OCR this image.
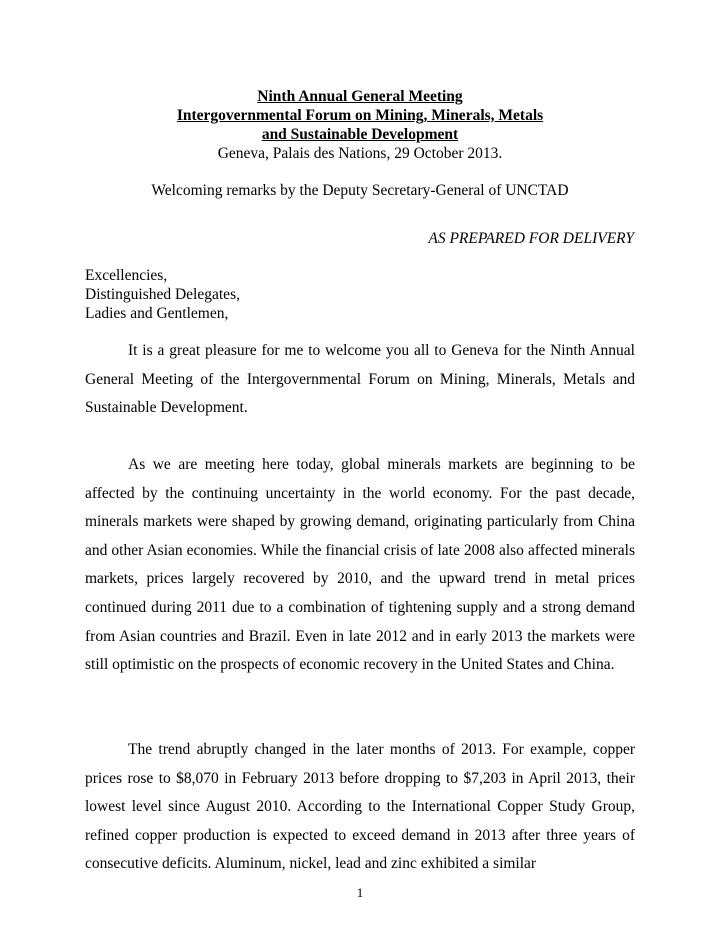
Ninth Annual General Meeting
Intergovernmental Forum on Mining, Minerals, Metals
and Sustainable Development
Geneva, Palais des Nations, 29 October 2013.
Welcoming remarks by the Deputy Secretary-General of UNCTAD
AS PREPARED FOR DELIVERY
Excellencies,
Distinguished Delegates,
Ladies and Gentlemen,

It is a great pleasure for me to welcome you all to Geneva for the Ninth Annual General Meeting of the Intergovernmental Forum on Mining, Minerals, Metals and Sustainable Development.

As we are meeting here today, global minerals markets are beginning to be affected by the continuing uncertainty in the world economy. For the past decade, minerals markets were shaped by growing demand, originating particularly from China and other Asian economies. While the financial crisis of late 2008 also affected minerals markets, prices largely recovered by 2010, and the upward trend in metal prices continued during 2011 due to a combination of tightening supply and a strong demand from Asian countries and Brazil. Even in late 2012 and in early 2013 the markets were still optimistic on the prospects of economic recovery in the United States and China.

The trend abruptly changed in the later months of 2013. For example, copper prices rose to $8,070 in February 2013 before dropping to $7,203 in April 2013, their lowest level since August 2010. According to the International Copper Study Group, refined copper production is expected to exceed demand in 2013 after three years of consecutive deficits. Aluminum, nickel, lead and zinc exhibited a similar

1
